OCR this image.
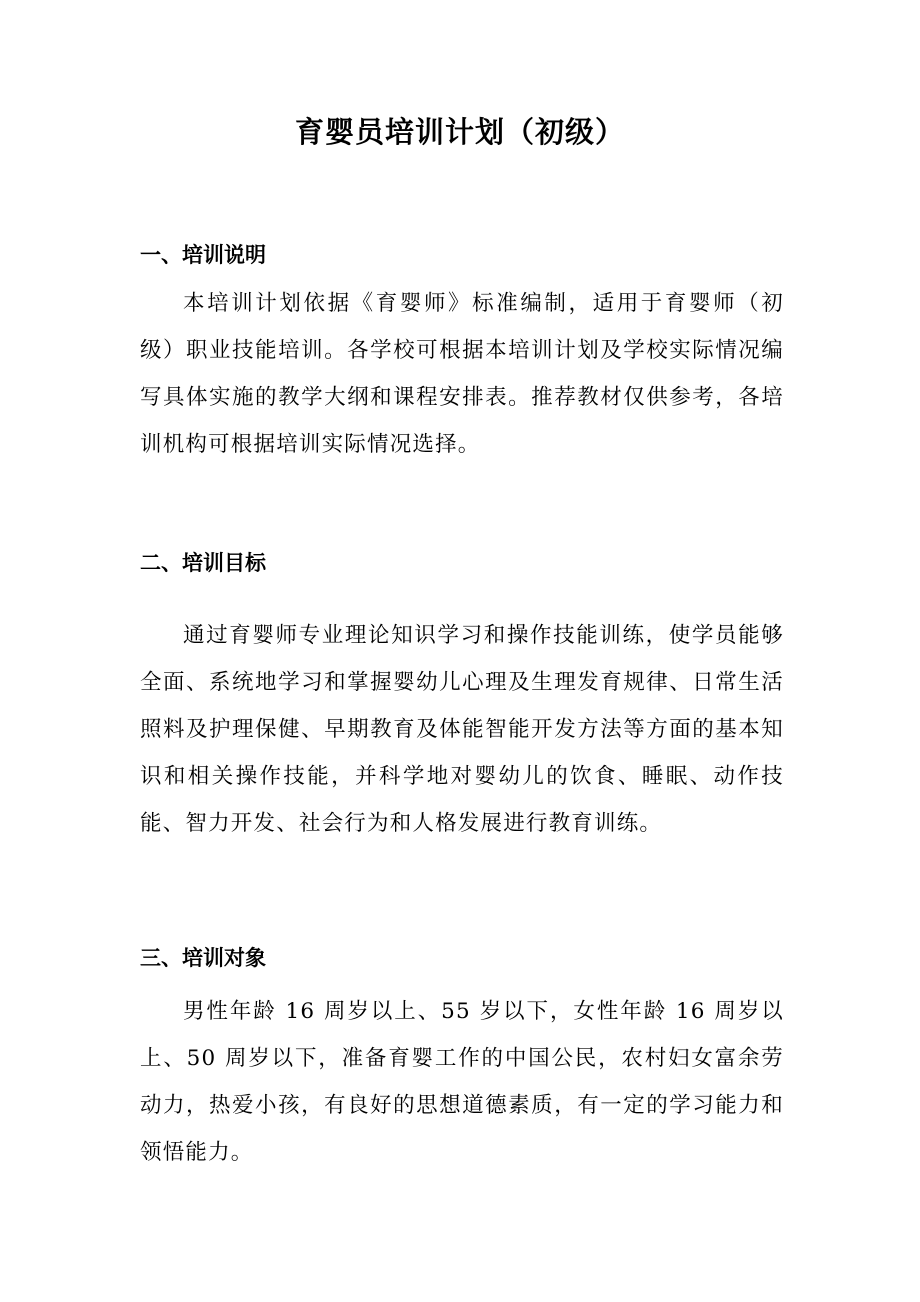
育婴员培训计划（初级）
一、培训说明

本培训计划依据《育婴师》标准编制，适用于育婴师（初级）职业技能培训。各学校可根据本培训计划及学校实际情况编写具体实施的教学大纲和课程安排表。推荐教材仅供参考，各培训机构可根据培训实际情况选择。

二、培训目标

通过育婴师专业理论知识学习和操作技能训练，使学员能够全面、系统地学习和掌握婴幼儿心理及生理发育规律、日常生活照料及护理保健、早期教育及体能智能开发方法等方面的基本知识和相关操作技能，并科学地对婴幼儿的饮食、睡眠、动作技能、智力开发、社会行为和人格发展进行教育训练。

三、培训对象

男性年龄 16 周岁以上、55 岁以下，女性年龄 16 周岁以上、50 周岁以下，准备育婴工作的中国公民，农村妇女富余劳动力，热爱小孩，有良好的思想道德素质，有一定的学习能力和领悟能力。
